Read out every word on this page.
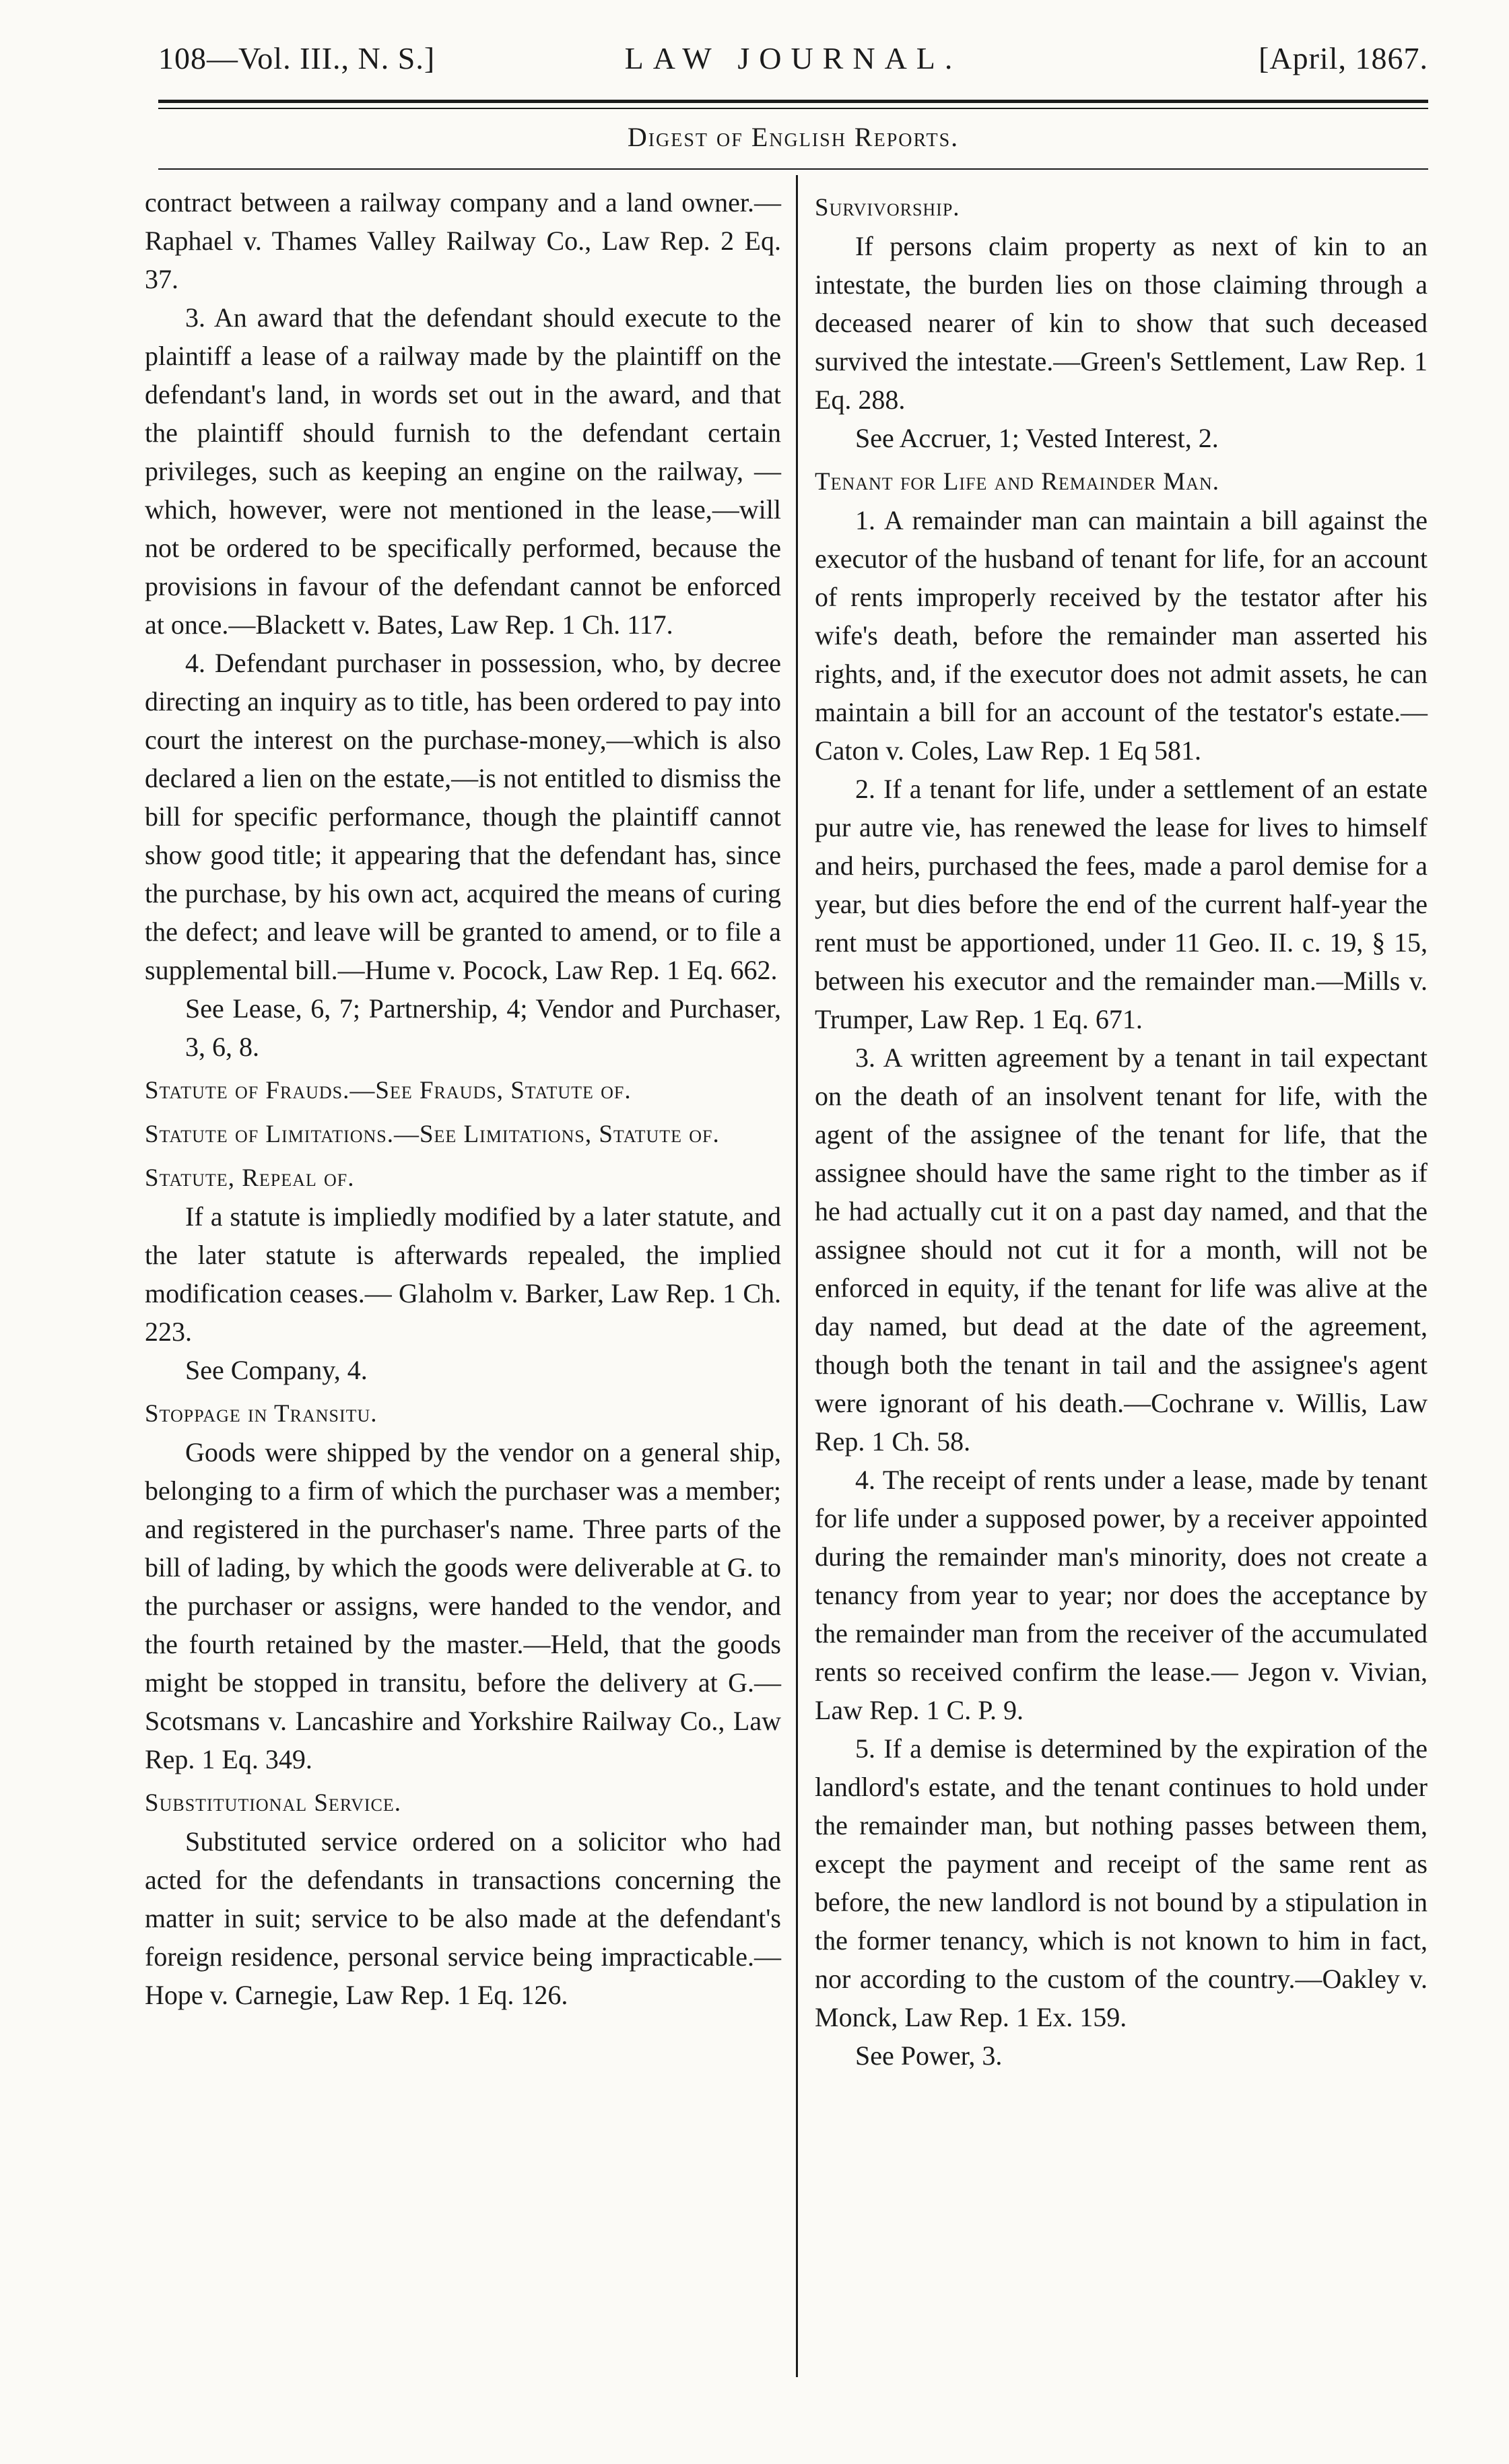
108—Vol. III., N. S.]	LAW JOURNAL.	[April, 1867.
Digest of English Reports.

contract between a railway company and a land owner.—Raphael v. Thames Valley Railway Co., Law Rep. 2 Eq. 37.

3. An award that the defendant should execute to the plaintiff a lease of a railway made by the plaintiff on the defendant's land, in words set out in the award, and that the plaintiff should furnish to the defendant certain privileges, such as keeping an engine on the railway, —which, however, were not mentioned in the lease,—will not be ordered to be specifically performed, because the provisions in favour of the defendant cannot be enforced at once.—Blackett v. Bates, Law Rep. 1 Ch. 117.

4. Defendant purchaser in possession, who, by decree directing an inquiry as to title, has been ordered to pay into court the interest on the purchase-money,—which is also declared a lien on the estate,—is not entitled to dismiss the bill for specific performance, though the plaintiff cannot show good title; it appearing that the defendant has, since the purchase, by his own act, acquired the means of curing the defect; and leave will be granted to amend, or to file a supplemental bill.—Hume v. Pocock, Law Rep. 1 Eq. 662.

See Lease, 6, 7; Partnership, 4; Vendor and Purchaser, 3, 6, 8.

Statute of Frauds.—See Frauds, Statute of.

Statute of Limitations.—See Limitations, Statute of.

Statute, Repeal of.

If a statute is impliedly modified by a later statute, and the later statute is afterwards repealed, the implied modification ceases.— Glaholm v. Barker, Law Rep. 1 Ch. 223.

See Company, 4.

Stoppage in Transitu.

Goods were shipped by the vendor on a general ship, belonging to a firm of which the purchaser was a member; and registered in the purchaser's name. Three parts of the bill of lading, by which the goods were deliverable at G. to the purchaser or assigns, were handed to the vendor, and the fourth retained by the master.—Held, that the goods might be stopped in transitu, before the delivery at G.—Scotsmans v. Lancashire and Yorkshire Railway Co., Law Rep. 1 Eq. 349.

Substitutional Service.

Substituted service ordered on a solicitor who had acted for the defendants in transactions concerning the matter in suit; service to be also made at the defendant's foreign residence, personal service being impracticable.— Hope v. Carnegie, Law Rep. 1 Eq. 126.

Survivorship.

If persons claim property as next of kin to an intestate, the burden lies on those claiming through a deceased nearer of kin to show that such deceased survived the intestate.—Green's Settlement, Law Rep. 1 Eq. 288.

See Accruer, 1; Vested Interest, 2.

Tenant for Life and Remainder Man.

1. A remainder man can maintain a bill against the executor of the husband of tenant for life, for an account of rents improperly received by the testator after his wife's death, before the remainder man asserted his rights, and, if the executor does not admit assets, he can maintain a bill for an account of the testator's estate.—Caton v. Coles, Law Rep. 1 Eq 581.

2. If a tenant for life, under a settlement of an estate pur autre vie, has renewed the lease for lives to himself and heirs, purchased the fees, made a parol demise for a year, but dies before the end of the current half-year the rent must be apportioned, under 11 Geo. II. c. 19, § 15, between his executor and the remainder man.—Mills v. Trumper, Law Rep. 1 Eq. 671.

3. A written agreement by a tenant in tail expectant on the death of an insolvent tenant for life, with the agent of the assignee of the tenant for life, that the assignee should have the same right to the timber as if he had actually cut it on a past day named, and that the assignee should not cut it for a month, will not be enforced in equity, if the tenant for life was alive at the day named, but dead at the date of the agreement, though both the tenant in tail and the assignee's agent were ignorant of his death.—Cochrane v. Willis, Law Rep. 1 Ch. 58.

4. The receipt of rents under a lease, made by tenant for life under a supposed power, by a receiver appointed during the remainder man's minority, does not create a tenancy from year to year; nor does the acceptance by the remainder man from the receiver of the accumulated rents so received confirm the lease.— Jegon v. Vivian, Law Rep. 1 C. P. 9.

5. If a demise is determined by the expiration of the landlord's estate, and the tenant continues to hold under the remainder man, but nothing passes between them, except the payment and receipt of the same rent as before, the new landlord is not bound by a stipulation in the former tenancy, which is not known to him in fact, nor according to the custom of the country.—Oakley v. Monck, Law Rep. 1 Ex. 159.

See Power, 3.
